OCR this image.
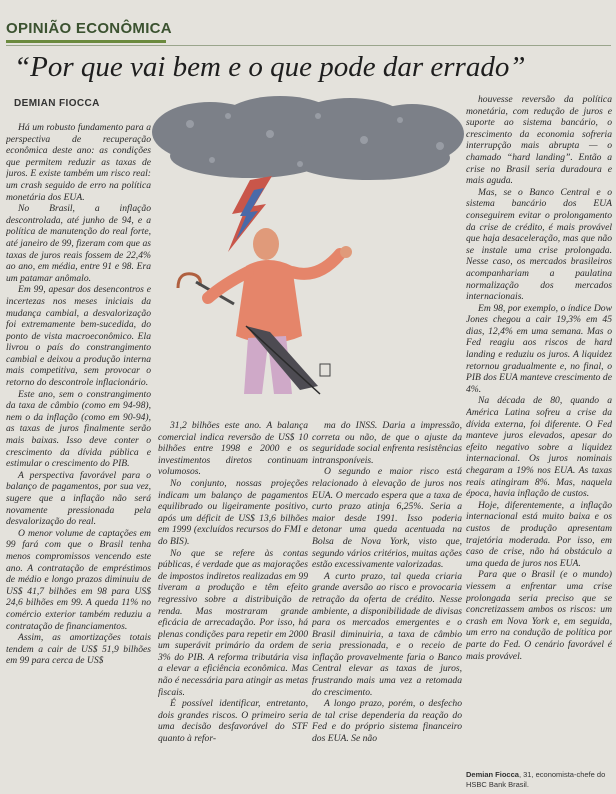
OPINIÃO ECONÔMICA
“Por que vai bem e o que pode dar errado”
DEMIAN FIOCCA

Há um robusto fundamento para a perspectiva de recuperação econômica deste ano: as condições que permitem reduzir as taxas de juros. E existe também um risco real: um crash seguido de erro na política monetária dos EUA.

No Brasil, a inflação descontrolada, até junho de 94, e a política de manutenção do real forte, até janeiro de 99, fizeram com que as taxas de juros reais fossem de 22,4% ao ano, em média, entre 91 e 98. Era um patamar anômalo.

Em 99, apesar dos desencontros e incertezas nos meses iniciais da mudança cambial, a desvalorização foi extremamente bem-sucedida, do ponto de vista macroeconômico. Ela livrou o país do constrangimento cambial e deixou a produção interna mais competitiva, sem provocar o retorno do descontrole inflacionário.

Este ano, sem o constrangimento da taxa de câmbio (como em 94-98), nem o da inflação (como em 90-94), as taxas de juros finalmente serão mais baixas. Isso deve conter o crescimento da dívida pública e estimular o crescimento do PIB.

A perspectiva favorável para o balanço de pagamentos, por sua vez, sugere que a inflação não será novamente pressionada pela desvalorização do real.

O menor volume de captações em 99 fará com que o Brasil tenha menos compromissos vencendo este ano. A contratação de empréstimos de médio e longo prazos diminuiu de US$ 41,7 bilhões em 98 para US$ 24,6 bilhões em 99. A queda 11% no comércio exterior também reduziu a contratação de financiamentos.

Assim, as amortizações totais tendem a cair de US$ 51,9 bilhões em 99 para cerca de US$

31,2 bilhões este ano. A balança comercial indica reversão de US$ 10 bilhões entre 1998 e 2000 e os investimentos diretos continuam volumosos.

No conjunto, nossas projeções indicam um balanço de pagamentos equilibrado ou ligeiramente positivo, após um déficit de US$ 13,6 bilhões em 1999 (excluídos recursos do FMI e do BIS).

No que se refere às contas públicas, é verdade que as majorações de impostos indiretos realizadas em 99 tiveram a produção e têm efeito regressivo sobre a distribuição de renda. Mas mostraram grande eficácia de arrecadação. Por isso, há plenas condições para repetir em 2000 um superávit primário da ordem de 3% do PIB. A reforma tributária visa a elevar a eficiência econômica. Mas não é necessária para atingir as metas fiscais.

É possível identificar, entretanto, dois grandes riscos. O primeiro seria uma decisão desfavorável do STF quanto à refor-

ma do INSS. Daria a impressão, correta ou não, de que o ajuste da seguridade social enfrenta resistências intransponíveis.

O segundo e maior risco está relacionado à elevação de juros nos EUA. O mercado espera que a taxa de curto prazo atinja 6,25%. Seria a maior desde 1991. Isso poderia detonar uma queda acentuada na Bolsa de Nova York, visto que, segundo vários critérios, muitas ações estão excessivamente valorizadas.

A curto prazo, tal queda criaria grande aversão ao risco e provocaria retração da oferta de crédito. Nesse ambiente, a disponibilidade de divisas para os mercados emergentes e o Brasil diminuiria, a taxa de câmbio seria pressionada, e o receio de inflação provavelmente faria o Banco Central elevar as taxas de juros, frustrando mais uma vez a retomada do crescimento.

A longo prazo, porém, o desfecho de tal crise dependeria da reação do Fed e do próprio sistema financeiro dos EUA. Se não

houvesse reversão da política monetária, com redução de juros e suporte ao sistema bancário, o crescimento da economia sofreria interrupção mais abrupta — o chamado “hard landing”. Então a crise no Brasil seria duradoura e mais aguda.

Mas, se o Banco Central e o sistema bancário dos EUA conseguirem evitar o prolongamento da crise de crédito, é mais provável que haja desaceleração, mas que não se instale uma crise prolongada. Nesse caso, os mercados brasileiros acompanhariam a paulatina normalização dos mercados internacionais.

Em 98, por exemplo, o índice Dow Jones chegou a cair 19,3% em 45 dias, 12,4% em uma semana. Mas o Fed reagiu aos riscos de hard landing e reduziu os juros. A liquidez retornou gradualmente e, no final, o PIB dos EUA manteve crescimento de 4%.

Na década de 80, quando a América Latina sofreu a crise da dívida externa, foi diferente. O Fed manteve juros elevados, apesar do efeito negativo sobre a liquidez internacional. Os juros nominais chegaram a 19% nos EUA. As taxas reais atingiram 8%. Mas, naquela época, havia inflação de custos.

Hoje, diferentemente, a inflação internacional está muito baixa e os custos de produção apresentam trajetória moderada. Por isso, em caso de crise, não há obstáculo a uma queda de juros nos EUA.

Para que o Brasil (e o mundo) viessem a enfrentar uma crise prolongada seria preciso que se concretizassem ambos os riscos: um crash em Nova York e, em seguida, um erro na condução de política por parte do Fed. O cenário favorável é mais provável.

Demian Fiocca, 31, economista-chefe do HSBC Bank Brasil.
